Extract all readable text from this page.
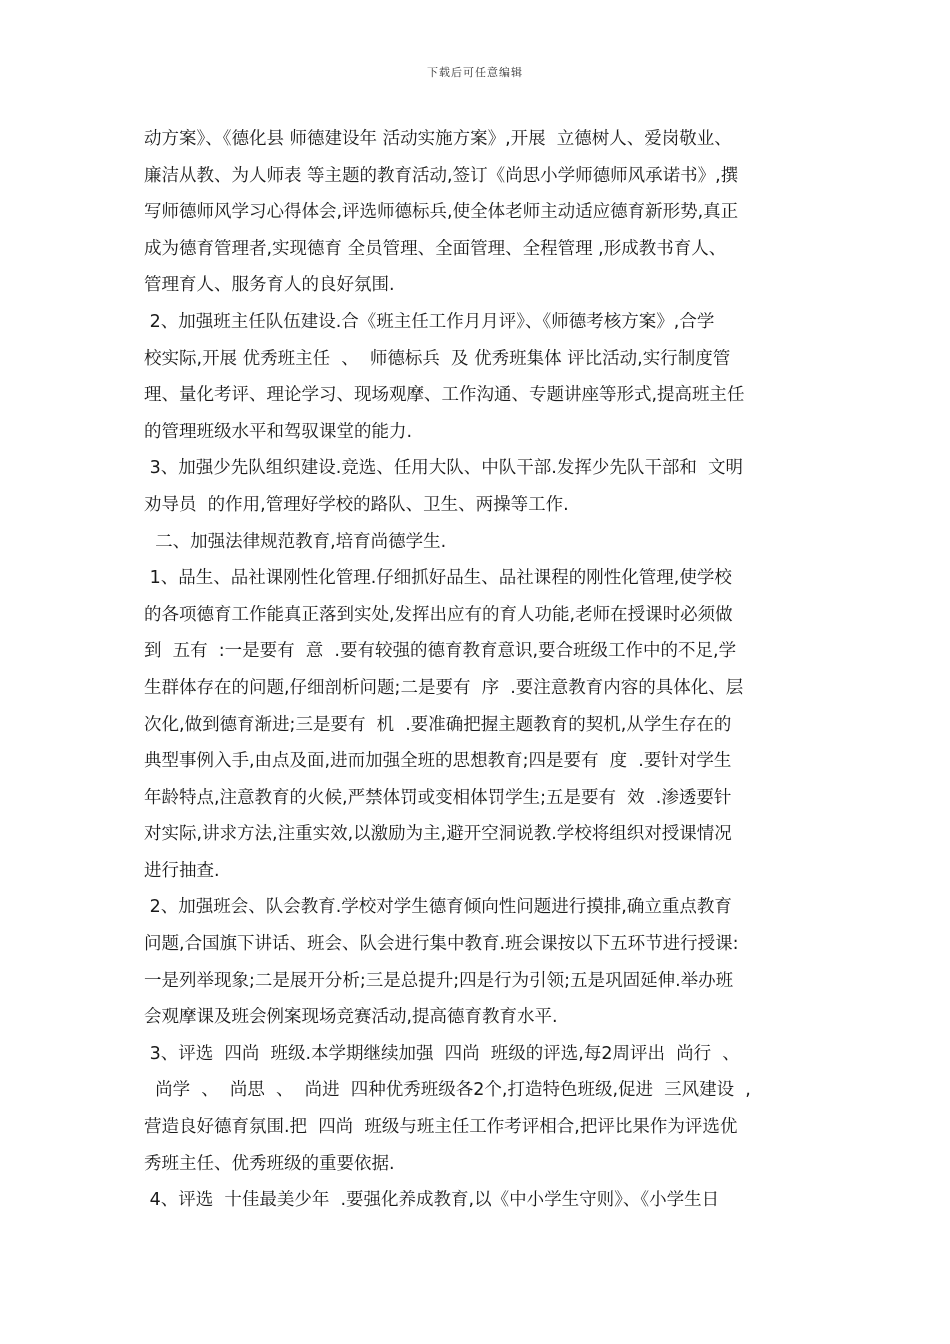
下载后可任意编辑
动方案》、《德化县 师德建设年 活动实施方案》,开展  立德树人、爱岗敬业、
廉洁从教、为人师表 等主题的教育活动,签订《尚思小学师德师风承诺书》,撰
写师德师风学习心得体会,评选师德标兵,使全体老师主动适应德育新形势,真正
成为德育管理者,实现德育 全员管理、全面管理、全程管理 ,形成教书育人、
管理育人、服务育人的良好氛围.
2、加强班主任队伍建设.合《班主任工作月月评》、《师德考核方案》,合学
校实际,开展 优秀班主任  、  师德标兵  及 优秀班集体 评比活动,实行制度管
理、量化考评、理论学习、现场观摩、工作沟通、专题讲座等形式,提高班主任
的管理班级水平和驾驭课堂的能力.
3、加强少先队组织建设.竞选、任用大队、中队干部.发挥少先队干部和  文明
劝导员  的作用,管理好学校的路队、卫生、两操等工作.
二、加强法律规范教育,培育尚德学生.
1、品生、品社课刚性化管理.仔细抓好品生、品社课程的刚性化管理,使学校
的各项德育工作能真正落到实处,发挥出应有的育人功能,老师在授课时必须做
到  五有  :一是要有  意  .要有较强的德育教育意识,要合班级工作中的不足,学
生群体存在的问题,仔细剖析问题;二是要有  序  .要注意教育内容的具体化、层
次化,做到德育渐进;三是要有  机  .要准确把握主题教育的契机,从学生存在的
典型事例入手,由点及面,进而加强全班的思想教育;四是要有  度  .要针对学生
年龄特点,注意教育的火候,严禁体罚或变相体罚学生;五是要有  效  .渗透要针
对实际,讲求方法,注重实效,以激励为主,避开空洞说教.学校将组织对授课情况
进行抽查.
2、加强班会、队会教育.学校对学生德育倾向性问题进行摸排,确立重点教育
问题,合国旗下讲话、班会、队会进行集中教育.班会课按以下五环节进行授课:
一是列举现象;二是展开分析;三是总提升;四是行为引领;五是巩固延伸.举办班
会观摩课及班会例案现场竞赛活动,提高德育教育水平.
3、评选  四尚  班级.本学期继续加强  四尚  班级的评选,每2周评出  尚行  、
尚学  、  尚思  、  尚进  四种优秀班级各2个,打造特色班级,促进  三风建设  ,
营造良好德育氛围.把  四尚  班级与班主任工作考评相合,把评比果作为评选优
秀班主任、优秀班级的重要依据.
4、评选  十佳最美少年  .要强化养成教育,以《中小学生守则》、《小学生日
